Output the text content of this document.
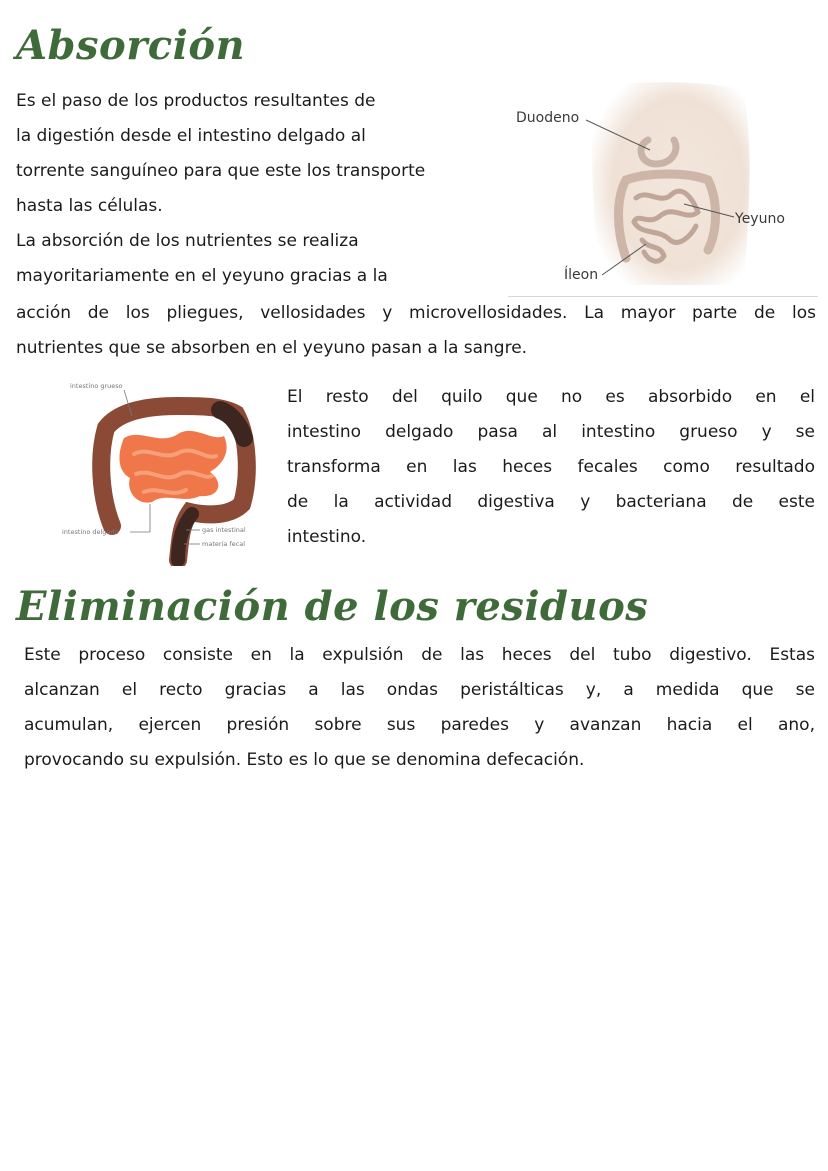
Absorción

Es el paso de los productos resultantes de
la digestión desde el intestino delgado al
torrente sanguíneo para que este los transporte
hasta las células.
La absorción de los nutrientes se realiza
mayoritariamente en el yeyuno gracias a la

Duodeno
Yeyuno
Íleon

acción de los pliegues, vellosidades y microvellosidades. La mayor parte de los
nutrientes que se absorben en el yeyuno pasan a la sangre.

intestino grueso
intestino delgado	gas intestinal
materia fecal

El resto del quilo que no es absorbido en el
intestino delgado pasa al intestino grueso y se
transforma en las heces fecales como resultado
de la actividad digestiva y bacteriana de este
intestino.

Eliminación de los residuos

Este proceso consiste en la expulsión de las heces del tubo digestivo. Estas
alcanzan el recto gracias a las ondas peristálticas y, a medida que se
acumulan, ejercen presión sobre sus paredes y avanzan hacia el ano,
provocando su expulsión. Esto es lo que se denomina defecación.
